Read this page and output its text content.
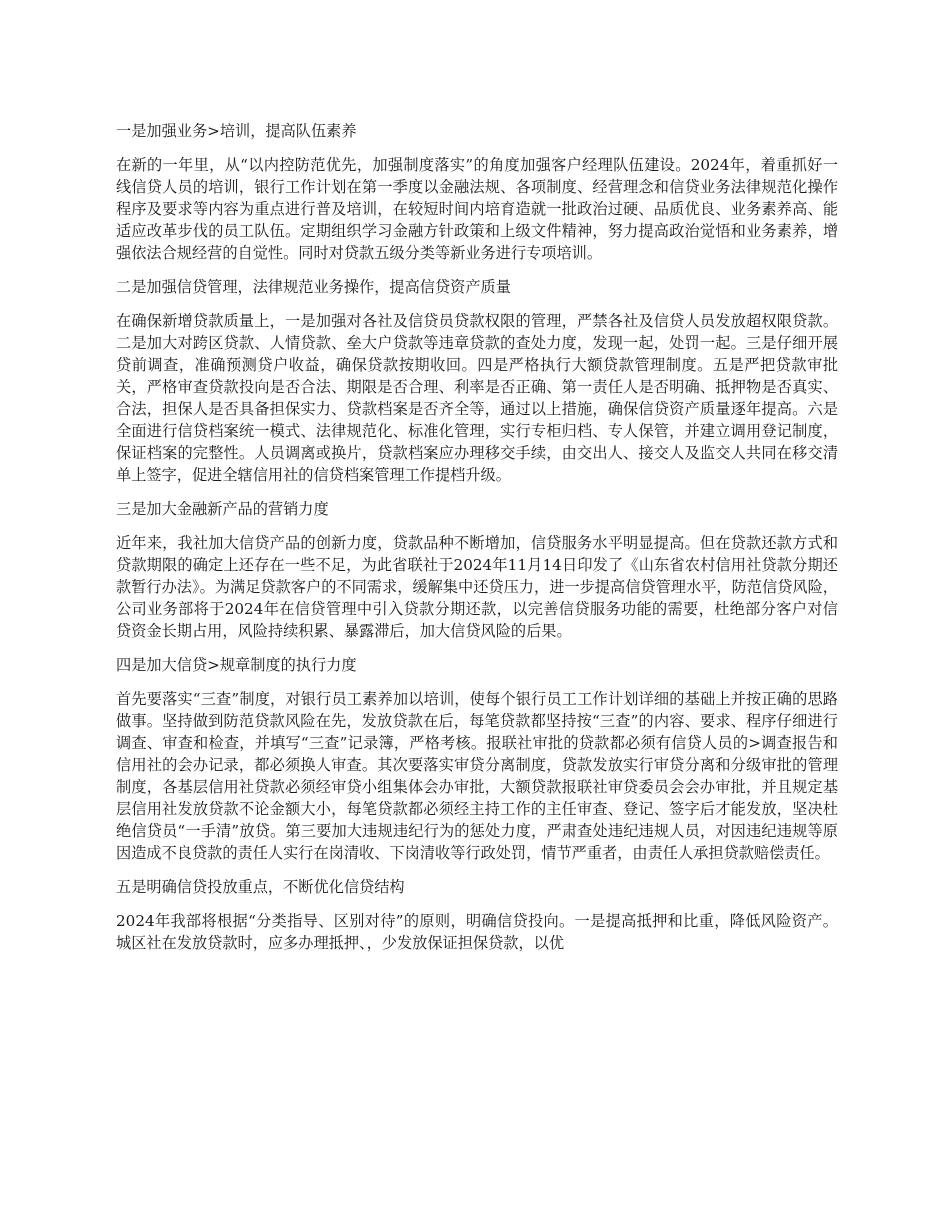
一是加强业务>培训，提高队伍素养

在新的一年里，从“以内控防范优先，加强制度落实”的角度加强客户经理队伍建设。2024年，着重抓好一线信贷人员的培训，银行工作计划在第一季度以金融法规、各项制度、经营理念和信贷业务法律规范化操作程序及要求等内容为重点进行普及培训，在较短时间内培育造就一批政治过硬、品质优良、业务素养高、能适应改革步伐的员工队伍。定期组织学习金融方针政策和上级文件精神，努力提高政治觉悟和业务素养，增强依法合规经营的自觉性。同时对贷款五级分类等新业务进行专项培训。

二是加强信贷管理，法律规范业务操作，提高信贷资产质量

在确保新增贷款质量上，一是加强对各社及信贷员贷款权限的管理，严禁各社及信贷人员发放超权限贷款。二是加大对跨区贷款、人情贷款、垒大户贷款等违章贷款的查处力度，发现一起，处罚一起。三是仔细开展贷前调查，准确预测贷户收益，确保贷款按期收回。四是严格执行大额贷款管理制度。五是严把贷款审批关，严格审查贷款投向是否合法、期限是否合理、利率是否正确、第一责任人是否明确、抵押物是否真实、合法，担保人是否具备担保实力、贷款档案是否齐全等，通过以上措施，确保信贷资产质量逐年提高。六是全面进行信贷档案统一模式、法律规范化、标准化管理，实行专柜归档、专人保管，并建立调用登记制度，保证档案的完整性。人员调离或换片，贷款档案应办理移交手续，由交出人、接交人及监交人共同在移交清单上签字，促进全辖信用社的信贷档案管理工作提档升级。

三是加大金融新产品的营销力度

近年来，我社加大信贷产品的创新力度，贷款品种不断增加，信贷服务水平明显提高。但在贷款还款方式和贷款期限的确定上还存在一些不足，为此省联社于2024年11月14日印发了《山东省农村信用社贷款分期还款暂行办法》。为满足贷款客户的不同需求，缓解集中还贷压力，进一步提高信贷管理水平，防范信贷风险，公司业务部将于2024年在信贷管理中引入贷款分期还款，以完善信贷服务功能的需要，杜绝部分客户对信贷资金长期占用，风险持续积累、暴露滞后，加大信贷风险的后果。

四是加大信贷>规章制度的执行力度

首先要落实“三查”制度，对银行员工素养加以培训，使每个银行员工工作计划详细的基础上并按正确的思路做事。坚持做到防范贷款风险在先，发放贷款在后，每笔贷款都坚持按“三查”的内容、要求、程序仔细进行调查、审查和检查，并填写“三查”记录簿，严格考核。报联社审批的贷款都必须有信贷人员的>调查报告和信用社的会办记录，都必须换人审查。其次要落实审贷分离制度，贷款发放实行审贷分离和分级审批的管理制度，各基层信用社贷款必须经审贷小组集体会办审批，大额贷款报联社审贷委员会会办审批，并且规定基层信用社发放贷款不论金额大小，每笔贷款都必须经主持工作的主任审查、登记、签字后才能发放，坚决杜绝信贷员“一手清”放贷。第三要加大违规违纪行为的惩处力度，严肃查处违纪违规人员，对因违纪违规等原因造成不良贷款的责任人实行在岗清收、下岗清收等行政处罚，情节严重者，由责任人承担贷款赔偿责任。

五是明确信贷投放重点，不断优化信贷结构

2024年我部将根据“分类指导、区别对待”的原则，明确信贷投向。一是提高抵押和比重，降低风险资产。城区社在发放贷款时，应多办理抵押、，少发放保证担保贷款，以优
